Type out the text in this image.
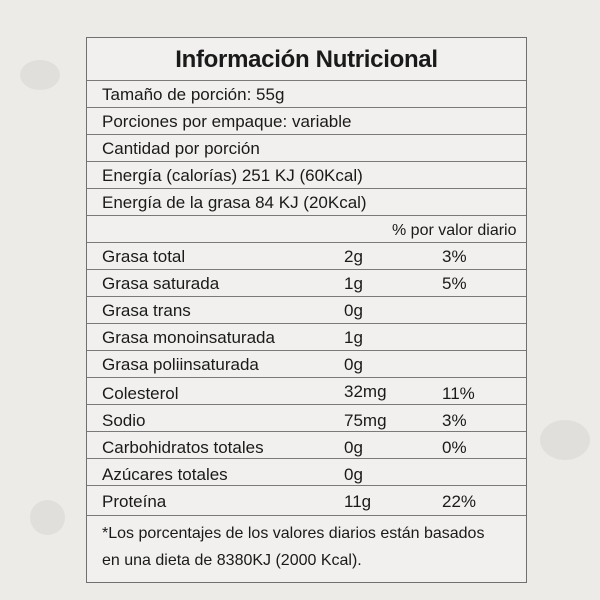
Información Nutricional
Tamaño de porción: 55g
Porciones por empaque: variable
Cantidad por porción
Energía (calorías) 251 KJ (60Kcal)
Energía de la grasa 84 KJ (20Kcal)
% por valor diario
Grasa total	2g	3%
Grasa saturada	1g	5%
Grasa trans	0g
Grasa monoinsaturada	1g
Grasa poliinsaturada	0g
Colesterol	32mg	11%
Sodio	75mg	3%
Carbohidratos totales	0g	0%
Azúcares totales	0g
Proteína	11g	22%
*Los porcentajes de los valores diarios están basados
en una dieta de 8380KJ (2000 Kcal).
